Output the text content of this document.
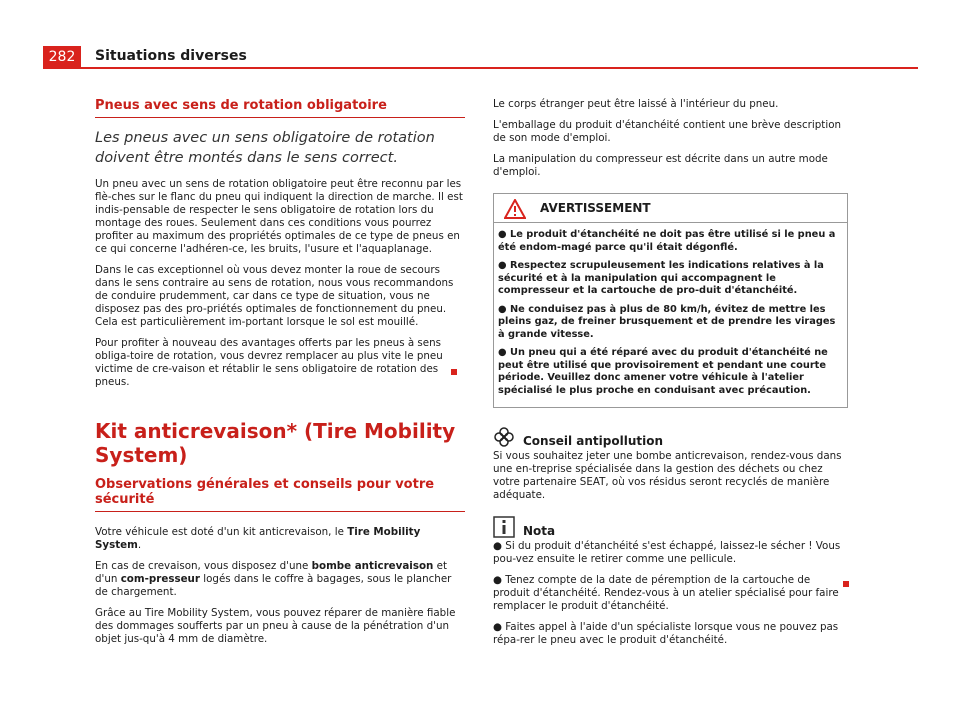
282	Situations diverses
Pneus avec sens de rotation obligatoire
Les pneus avec un sens obligatoire de rotation doivent être montés dans le sens correct.

Un pneu avec un sens de rotation obligatoire peut être reconnu par les flè-ches sur le flanc du pneu qui indiquent la direction de marche. Il est indis-pensable de respecter le sens obligatoire de rotation lors du montage des roues. Seulement dans ces conditions vous pourrez profiter au maximum des propriétés optimales de ce type de pneus en ce qui concerne l'adhéren-ce, les bruits, l'usure et l'aquaplanage.

Dans le cas exceptionnel où vous devez monter la roue de secours dans le sens contraire au sens de rotation, nous vous recommandons de conduire prudemment, car dans ce type de situation, vous ne disposez pas des pro-priétés optimales de fonctionnement du pneu. Cela est particulièrement im-portant lorsque le sol est mouillé.

Pour profiter à nouveau des avantages offerts par les pneus à sens obliga-toire de rotation, vous devrez remplacer au plus vite le pneu victime de cre-vaison et rétablir le sens obligatoire de rotation des pneus.

Kit anticrevaison* (Tire Mobility System)
Observations générales et conseils pour votre sécurité

Votre véhicule est doté d'un kit anticrevaison, le Tire Mobility System.

En cas de crevaison, vous disposez d'une bombe anticrevaison et d'un com-presseur logés dans le coffre à bagages, sous le plancher de chargement.

Grâce au Tire Mobility System, vous pouvez réparer de manière fiable des dommages soufferts par un pneu à cause de la pénétration d'un objet jus-qu'à 4 mm de diamètre.

Le corps étranger peut être laissé à l'intérieur du pneu.

L'emballage du produit d'étanchéité contient une brève description de son mode d'emploi.

La manipulation du compresseur est décrite dans un autre mode d'emploi.

AVERTISSEMENT

● Le produit d'étanchéité ne doit pas être utilisé si le pneu a été endom-magé parce qu'il était dégonflé.

● Respectez scrupuleusement les indications relatives à la sécurité et à la manipulation qui accompagnent le compresseur et la cartouche de pro-duit d'étanchéité.

● Ne conduisez pas à plus de 80 km/h, évitez de mettre les pleins gaz, de freiner brusquement et de prendre les virages à grande vitesse.

● Un pneu qui a été réparé avec du produit d'étanchéité ne peut être utilisé que provisoirement et pendant une courte période. Veuillez donc amener votre véhicule à l'atelier spécialisé le plus proche en conduisant avec précaution.

Conseil antipollution

Si vous souhaitez jeter une bombe anticrevaison, rendez-vous dans une en-treprise spécialisée dans la gestion des déchets ou chez votre partenaire SEAT, où vos résidus seront recyclés de manière adéquate.

Nota

● Si du produit d'étanchéité s'est échappé, laissez-le sécher ! Vous pou-vez ensuite le retirer comme une pellicule.

● Tenez compte de la date de péremption de la cartouche de produit d'étanchéité. Rendez-vous à un atelier spécialisé pour faire remplacer le produit d'étanchéité.

● Faites appel à l'aide d'un spécialiste lorsque vous ne pouvez pas répa-rer le pneu avec le produit d'étanchéité.
